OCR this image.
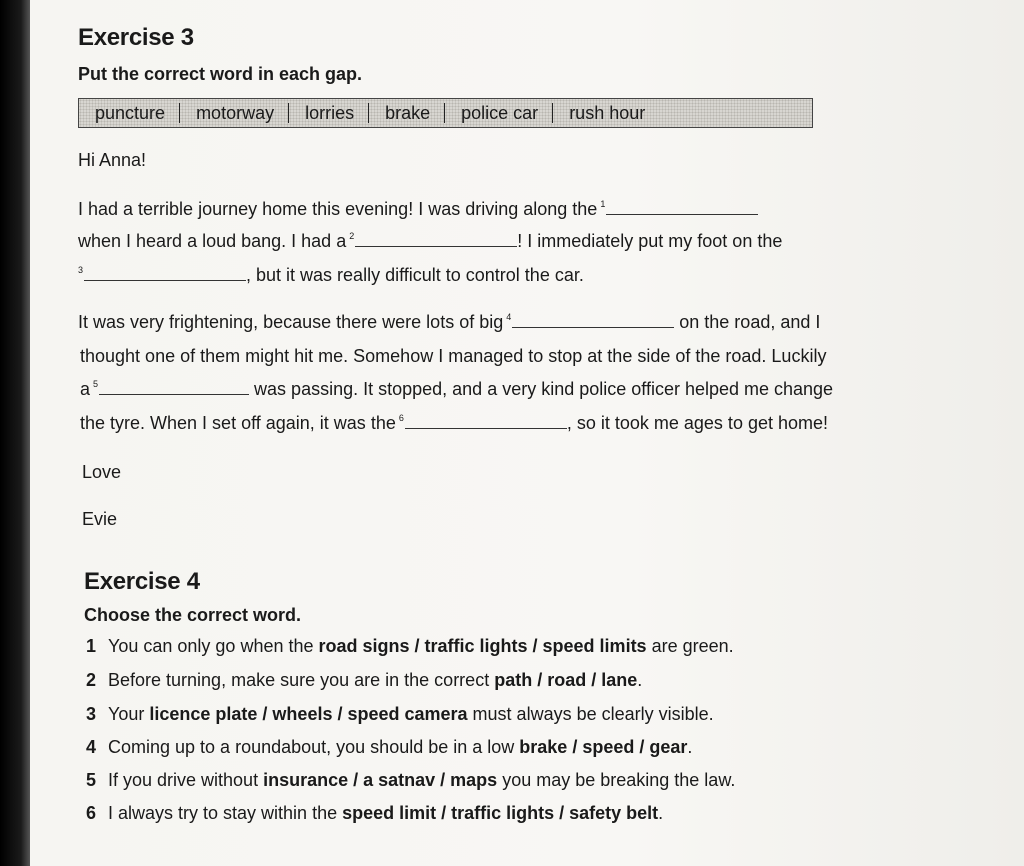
Exercise 3
Put the correct word in each gap.
puncture	motorway	lorries	brake	police car	rush hour
Hi Anna!
I had a terrible journey home this evening! I was driving along the $^1$
when I heard a loud bang. I had a $^2$	! I immediately put my foot on the
$^3$	, but it was really difficult to control the car.
It was very frightening, because there were lots of big $^4$	on the road, and I
thought one of them might hit me. Somehow I managed to stop at the side of the road. Luckily
a $^5$	was passing. It stopped, and a very kind police officer helped me change
the tyre. When I set off again, it was the $^6$	, so it took me ages to get home!
Love
Evie
Exercise 4
Choose the correct word.
1 You can only go when the road signs / traffic lights / speed limits are green.
2 Before turning, make sure you are in the correct path / road / lane.
3 Your licence plate / wheels / speed camera must always be clearly visible.
4 Coming up to a roundabout, you should be in a low brake / speed / gear.
5 If you drive without insurance / a satnav / maps you may be breaking the law.
6 I always try to stay within the speed limit / traffic lights / safety belt.
